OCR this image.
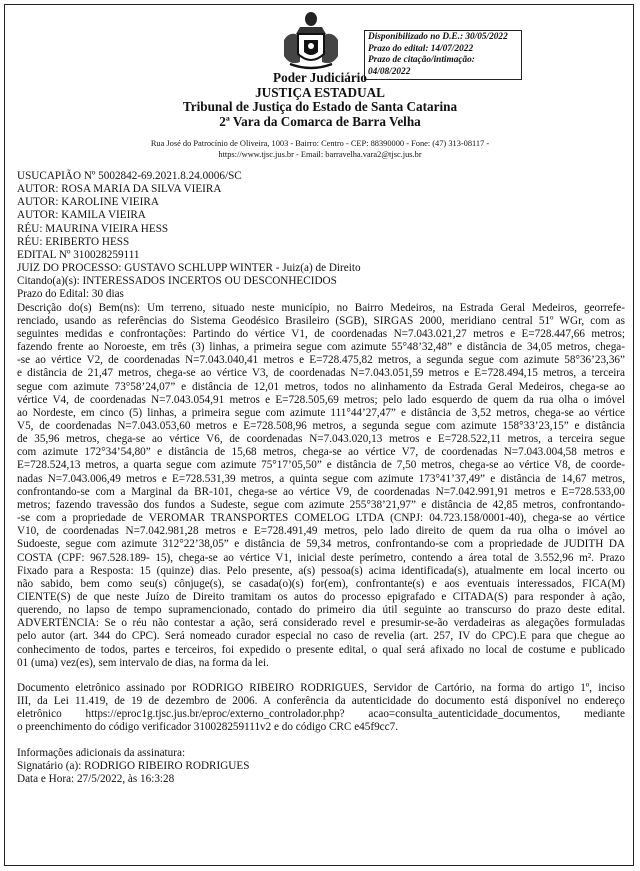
Disponibilizado no D.E.: 30/05/2022
Prazo do edital: 14/07/2022
Prazo de citação/intimação: 04/08/2022
Poder Judiciário
JUSTIÇA ESTADUAL
Tribunal de Justiça do Estado de Santa Catarina
2ª Vara da Comarca de Barra Velha
Rua José do Patrocínio de Oliveira, 1003 - Bairro: Centro - CEP: 88390000 - Fone: (47) 313-08117 -
https://www.tjsc.jus.br - Email: barravelha.vara2@tjsc.jus.br
USUCAPIÃO Nº 5002842-69.2021.8.24.0006/SC
AUTOR: ROSA MARIA DA SILVA VIEIRA
AUTOR: KAROLINE VIEIRA
AUTOR: KAMILA VIEIRA
RÉU: MAURINA VIEIRA HESS
RÉU: ERIBERTO HESS
EDITAL Nº 310028259111
JUIZ DO PROCESSO: GUSTAVO SCHLUPP WINTER - Juiz(a) de Direito
Citando(a)(s): INTERESSADOS INCERTOS OU DESCONHECIDOS
Prazo do Edital: 30 dias
Descrição do(s) Bem(ns): Um terreno, situado neste município, no Bairro Medeiros, na Estrada Geral Medeiros, georrefe-
renciado, usando as referências do Sistema Geodésico Brasileiro (SGB), SIRGAS 2000, meridiano central 51º WGr, com as
seguintes medidas e confrontações: Partindo do vértice V1, de coordenadas N=7.043.021,27 metros e E=728.447,66 metros;
fazendo frente ao Noroeste, em três (3) linhas, a primeira segue com azimute 55°48’32,48” e distância de 34,05 metros, chega-
-se ao vértice V2, de coordenadas N=7.043.040,41 metros e E=728.475,82 metros, a segunda segue com azimute 58°36’23,36”
e distância de 21,47 metros, chega-se ao vértice V3, de coordenadas N=7.043.051,59 metros e E=728.494,15 metros, a terceira
segue com azimute 73°58’24,07” e distância de 12,01 metros, todos no alinhamento da Estrada Geral Medeiros, chega-se ao
vértice V4, de coordenadas N=7.043.054,91 metros e E=728.505,69 metros; pelo lado esquerdo de quem da rua olha o imóvel
ao Nordeste, em cinco (5) linhas, a primeira segue com azimute 111°44’27,47” e distância de 3,52 metros, chega-se ao vértice
V5, de coordenadas N=7.043.053,60 metros e E=728.508,96 metros, a segunda segue com azimute 158°33’23,15” e distância
de 35,96 metros, chega-se ao vértice V6, de coordenadas N=7.043.020,13 metros e E=728.522,11 metros, a terceira segue
com azimute 172°34’54,80” e distância de 15,68 metros, chega-se ao vértice V7, de coordenadas N=7.043.004,58 metros e
E=728.524,13 metros, a quarta segue com azimute 75°17’05,50” e distância de 7,50 metros, chega-se ao vértice V8, de coorde-
nadas N=7.043.006,49 metros e E=728.531,39 metros, a quinta segue com azimute 173°41’37,49” e distância de 14,67 metros,
confrontando-se com a Marginal da BR-101, chega-se ao vértice V9, de coordenadas N=7.042.991,91 metros e E=728.533,00
metros; fazendo travessão dos fundos a Sudeste, segue com azimute 255°38’21,97” e distância de 42,85 metros, confrontando-
-se com a propriedade de VEROMAR TRANSPORTES COMELOG LTDA (CNPJ: 04.723.158/0001-40), chega-se ao vértice
V10, de coordenadas N=7.042.981,28 metros e E=728.491,49 metros, pelo lado direito de quem da rua olha o imóvel ao
Sudoeste, segue com azimute 312°22’38,05” e distância de 59,34 metros, confrontando-se com a propriedade de JUDITH DA
COSTA (CPF: 967.528.189- 15), chega-se ao vértice V1, inicial deste perímetro, contendo a área total de 3.552,96 m². Prazo
Fixado para a Resposta: 15 (quinze) dias. Pelo presente, a(s) pessoa(s) acima identificada(s), atualmente em local incerto ou
não sabido, bem como seu(s) cônjuge(s), se casada(o)(s) for(em), confrontante(s) e aos eventuais interessados, FICA(M)
CIENTE(S) de que neste Juízo de Direito tramitam os autos do processo epigrafado e CITADA(S) para responder à ação,
querendo, no lapso de tempo supramencionado, contado do primeiro dia útil seguinte ao transcurso do prazo deste edital.
ADVERTÊNCIA: Se o réu não contestar a ação, será considerado revel e presumir-se-ão verdadeiras as alegações formuladas
pelo autor (art. 344 do CPC). Será nomeado curador especial no caso de revelia (art. 257, IV do CPC).E para que chegue ao
conhecimento de todos, partes e terceiros, foi expedido o presente edital, o qual será afixado no local de costume e publicado
01 (uma) vez(es), sem intervalo de dias, na forma da lei.
Documento eletrônico assinado por RODRIGO RIBEIRO RODRIGUES, Servidor de Cartório, na forma do artigo 1º, inciso
III, da Lei 11.419, de 19 de dezembro de 2006. A conferência da autenticidade do documento está disponível no endereço
eletrônico https://eproc1g.tjsc.jus.br/eproc/externo_controlador.php? acao=consulta_autenticidade_documentos, mediante
o preenchimento do código verificador 310028259111v2 e do código CRC e45f9cc7.
Informações adicionais da assinatura:
Signatário (a): RODRIGO RIBEIRO RODRIGUES
Data e Hora: 27/5/2022, às 16:3:28
